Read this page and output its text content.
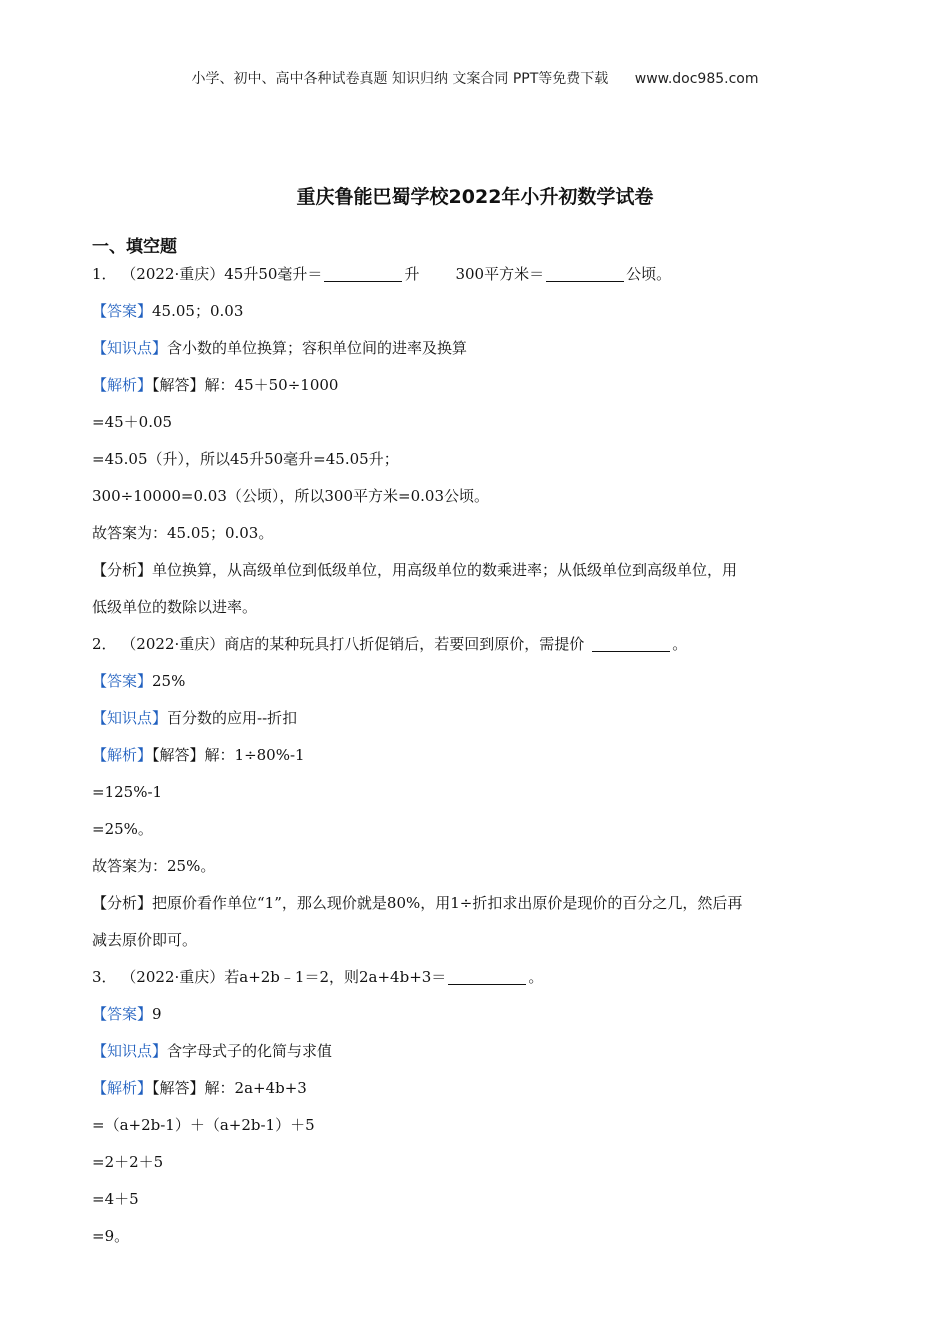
小学、初中、高中各种试卷真题 知识归纳 文案合同 PPT等免费下载 www.doc985.com
重庆鲁能巴蜀学校2022年小升初数学试卷
一、填空题
1． （2022·重庆）45升50毫升＝	升 300平方米＝	公顷。
【答案】45.05；0.03
【知识点】含小数的单位换算；容积单位间的进率及换算
【解析】【解答】解：45＋50÷1000
=45＋0.05
=45.05（升），所以45升50毫升=45.05升；
300÷10000=0.03（公顷），所以300平方米=0.03公顷。
故答案为：45.05；0.03。
【分析】单位换算，从高级单位到低级单位，用高级单位的数乘进率；从低级单位到高级单位，用
低级单位的数除以进率。
2． （2022·重庆）商店的某种玩具打八折促销后，若要回到原价，需提价	。
【答案】25%
【知识点】百分数的应用--折扣
【解析】【解答】解：1÷80%-1
=125%-1
=25%。
故答案为：25%。
【分析】把原价看作单位“1”，那么现价就是80%，用1÷折扣求出原价是现价的百分之几，然后再
减去原价即可。
3． （2022·重庆）若a+2b﹣1＝2，则2a+4b+3＝	。
【答案】9
【知识点】含字母式子的化简与求值
【解析】【解答】解：2a+4b+3
=（a+2b-1）＋（a+2b-1）＋5
=2＋2＋5
=4＋5
=9。
